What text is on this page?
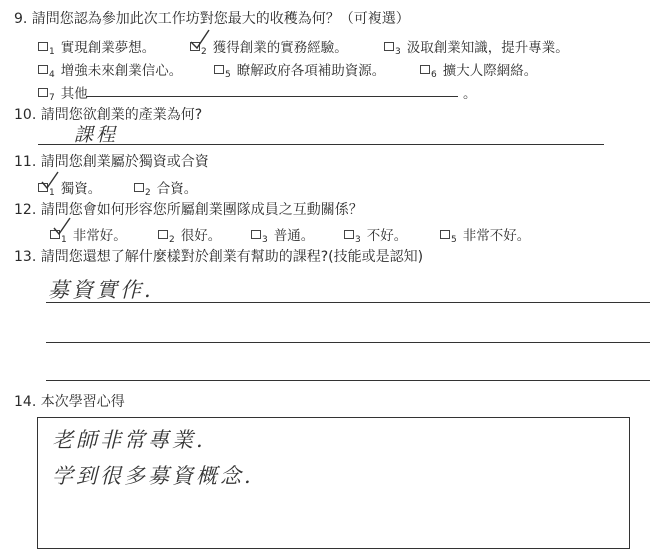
9. 請問您認為參加此次工作坊對您最大的收穫為何？（可複選）
$_1$ 實現創業夢想。	$_2$ 獲得創業的實務經驗。	$_3$ 汲取創業知識，提升專業。
$_4$ 增強未來創業信心。	$_5$ 瞭解政府各項補助資源。	$_6$ 擴大人際網絡。
$_7$ 其他	。
10. 請問您欲創業的產業為何?
課程
11. 請問您創業屬於獨資或合資
$_1$ 獨資。	$_2$ 合資。
12. 請問您會如何形容您所屬創業團隊成員之互動關係？
$_1$ 非常好。	$_2$ 很好。	$_3$ 普通。	$_3$ 不好。	$_5$ 非常不好。
13. 請問您還想了解什麼樣對於創業有幫助的課程?(技能或是認知)
募資實作.
14. 本次學習心得
老師非常專業.
学到很多募資概念.
